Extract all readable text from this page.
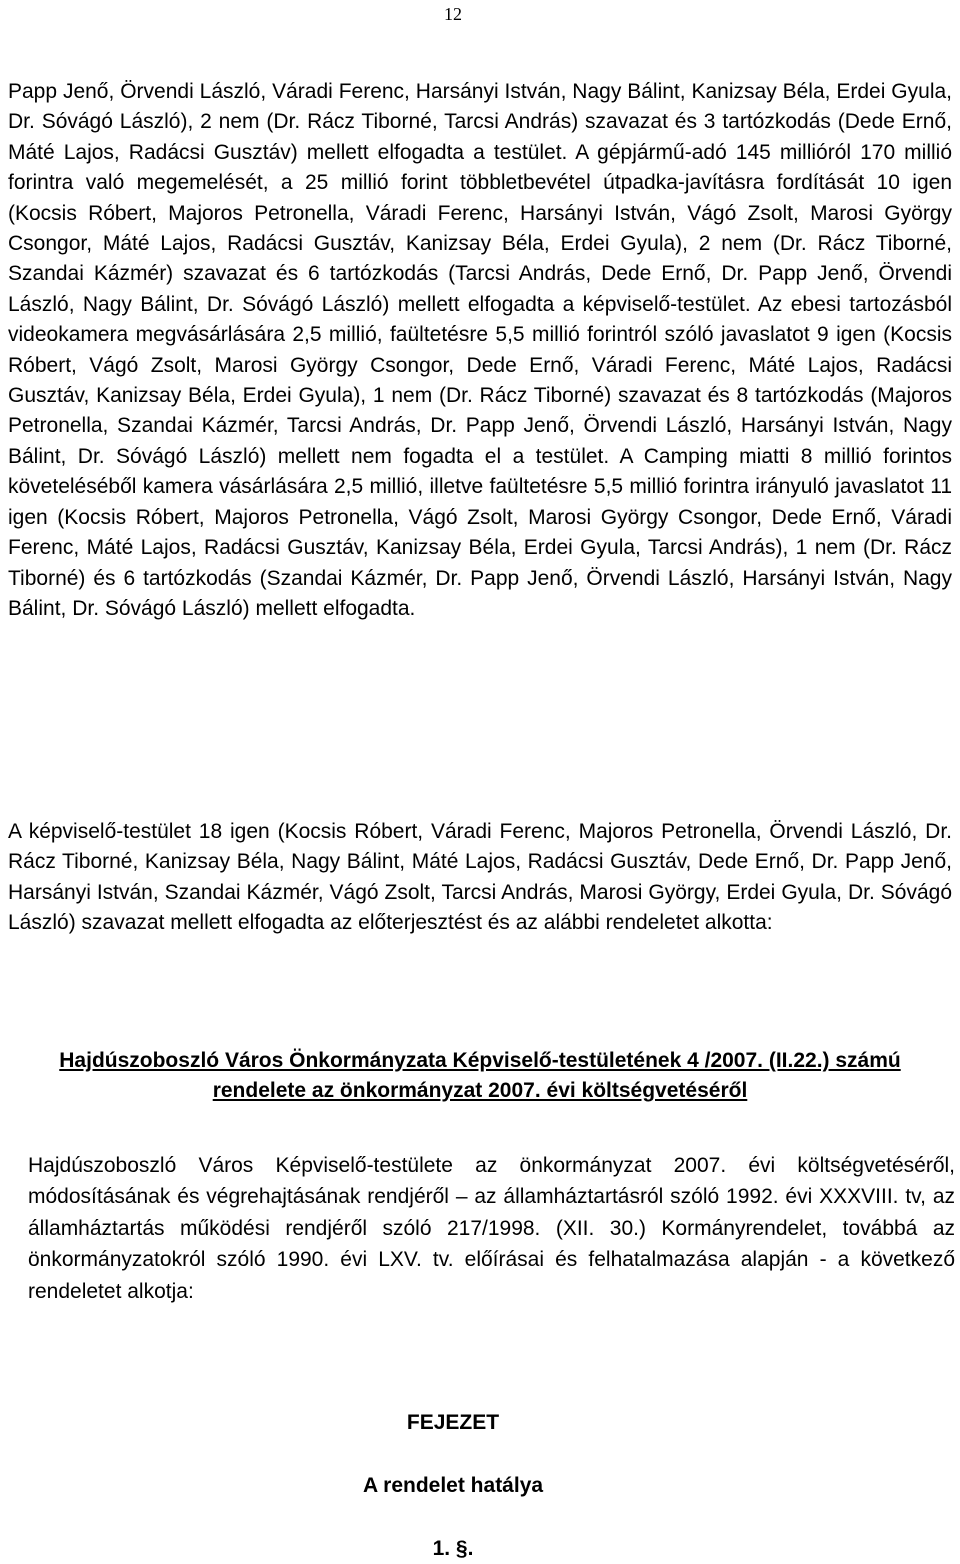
12

Papp Jenő, Örvendi László, Váradi Ferenc, Harsányi István, Nagy Bálint, Kanizsay Béla, Erdei Gyula, Dr. Sóvágó László), 2 nem (Dr. Rácz Tiborné, Tarcsi András) szavazat és 3 tartózkodás (Dede Ernő, Máté Lajos, Radácsi Gusztáv) mellett elfogadta a testület. A gépjármű-adó 145 millióról 170 millió forintra való megemelését, a 25 millió forint többletbevétel útpadka-javításra fordítását 10 igen (Kocsis Róbert, Majoros Petronella, Váradi Ferenc, Harsányi István, Vágó Zsolt, Marosi György Csongor, Máté Lajos, Radácsi Gusztáv, Kanizsay Béla, Erdei Gyula), 2 nem (Dr. Rácz Tiborné, Szandai Kázmér) szavazat és 6 tartózkodás (Tarcsi András, Dede Ernő, Dr. Papp Jenő, Örvendi László, Nagy Bálint, Dr. Sóvágó László) mellett elfogadta a képviselő-testület. Az ebesi tartozásból videokamera megvásárlására 2,5 millió, faültetésre 5,5 millió forintról szóló javaslatot 9 igen (Kocsis Róbert, Vágó Zsolt, Marosi György Csongor, Dede Ernő, Váradi Ferenc, Máté Lajos, Radácsi Gusztáv, Kanizsay Béla, Erdei Gyula), 1 nem (Dr. Rácz Tiborné) szavazat és 8 tartózkodás (Majoros Petronella, Szandai Kázmér, Tarcsi András, Dr. Papp Jenő, Örvendi László, Harsányi István, Nagy Bálint, Dr. Sóvágó László) mellett nem fogadta el a testület. A Camping miatti 8 millió forintos követeléséből kamera vásárlására 2,5 millió, illetve faültetésre 5,5 millió forintra irányuló javaslatot 11 igen (Kocsis Róbert, Majoros Petronella, Vágó Zsolt, Marosi György Csongor, Dede Ernő, Váradi Ferenc, Máté Lajos, Radácsi Gusztáv, Kanizsay Béla, Erdei Gyula, Tarcsi András), 1 nem (Dr. Rácz Tiborné) és 6 tartózkodás (Szandai Kázmér, Dr. Papp Jenő, Örvendi László, Harsányi István, Nagy Bálint, Dr. Sóvágó László) mellett elfogadta.

A képviselő-testület 18 igen (Kocsis Róbert, Váradi Ferenc, Majoros Petronella, Örvendi László, Dr. Rácz Tiborné, Kanizsay Béla, Nagy Bálint, Máté Lajos, Radácsi Gusztáv, Dede Ernő, Dr. Papp Jenő, Harsányi István, Szandai Kázmér, Vágó Zsolt, Tarcsi András, Marosi György, Erdei Gyula, Dr. Sóvágó László) szavazat mellett elfogadta az előterjesztést és az alábbi rendeletet alkotta:

Hajdúszoboszló Város Önkormányzata Képviselő-testületének 4 /2007. (II.22.) számú rendelete az önkormányzat 2007. évi költségvetéséről

Hajdúszoboszló Város Képviselő-testülete az önkormányzat 2007. évi költségvetéséről, módosításának és végrehajtásának rendjéről – az államháztartásról szóló 1992. évi XXXVIII. tv, az államháztartás működési rendjéről szóló 217/1998. (XII. 30.) Kormányrendelet, továbbá az önkormányzatokról szóló 1990. évi LXV. tv. előírásai és felhatalmazása alapján - a következő rendeletet alkotja:

FEJEZET

A rendelet hatálya

1. §.
